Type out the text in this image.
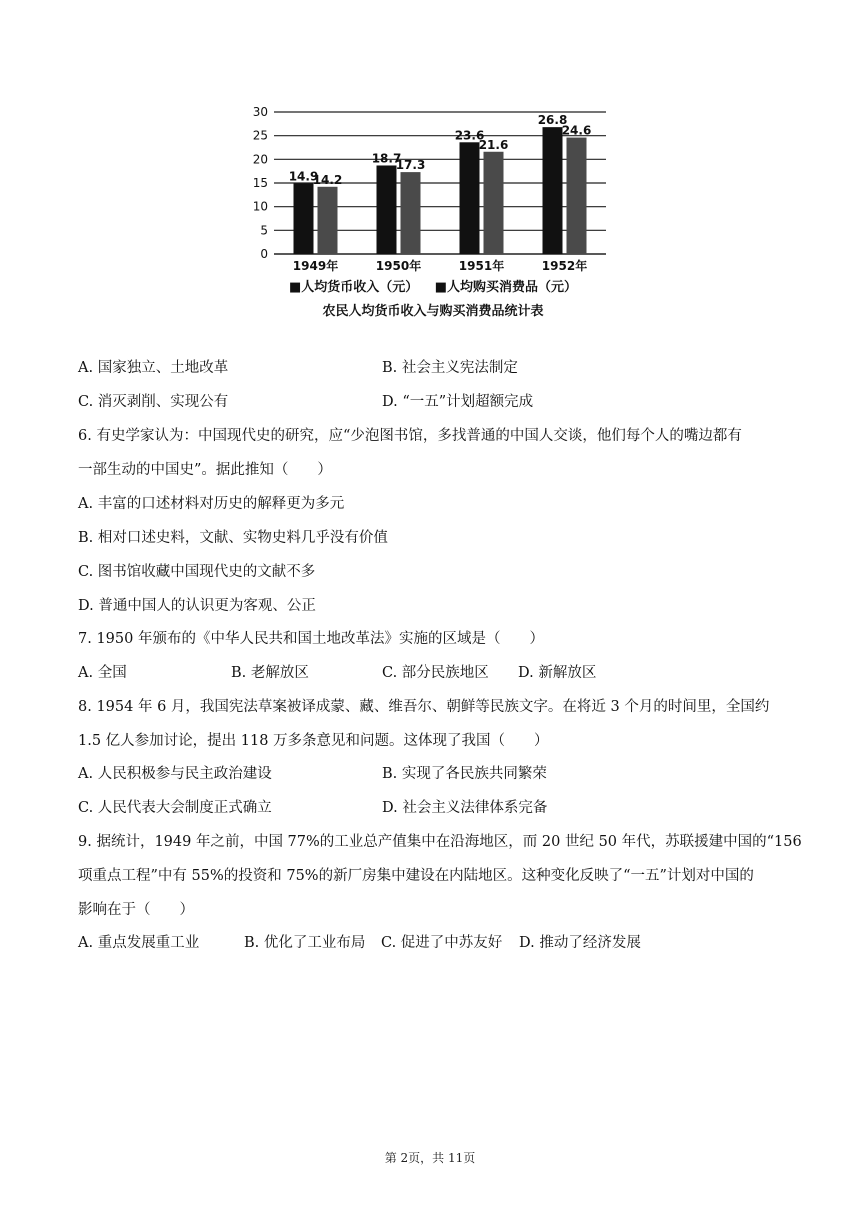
0
5
10
15
20
25
30
14.9
14.2
1949年
18.7
17.3
1950年
23.6
21.6
1951年
26.8
24.6
1952年
■人均货币收入（元） ■人均购买消费品（元）
农民人均货币收入与购买消费品统计表
A. 国家独立、土地改革	B. 社会主义宪法制定
C. 消灭剥削、实现公有	D. “一五”计划超额完成
6. 有史学家认为：中国现代史的研究，应“少泡图书馆，多找普通的中国人交谈，他们每个人的嘴边都有
一部生动的中国史”。据此推知（　　）
A. 丰富的口述材料对历史的解释更为多元
B. 相对口述史料，文献、实物史料几乎没有价值
C. 图书馆收藏中国现代史的文献不多
D. 普通中国人的认识更为客观、公正
7. 1950 年颁布的《中华人民共和国土地改革法》实施的区域是（　　）
A. 全国	B. 老解放区	C. 部分民族地区 D. 新解放区
8. 1954 年 6 月，我国宪法草案被译成蒙、藏、维吾尔、朝鲜等民族文字。在将近 3 个月的时间里，全国约
1.5 亿人参加讨论，提出 118 万多条意见和问题。这体现了我国（　　）
A. 人民积极参与民主政治建设	B. 实现了各民族共同繁荣
C. 人民代表大会制度正式确立	D. 社会主义法律体系完备
9. 据统计，1949 年之前，中国 77%的工业总产值集中在沿海地区，而 20 世纪 50 年代，苏联援建中国的“156
项重点工程”中有 55%的投资和 75%的新厂房集中建设在内陆地区。这种变化反映了“一五”计划对中国的
影响在于（　　）
A. 重点发展重工业	B. 优化了工业布局 C. 促进了中苏友好 D. 推动了经济发展
第 2页，共 11页
